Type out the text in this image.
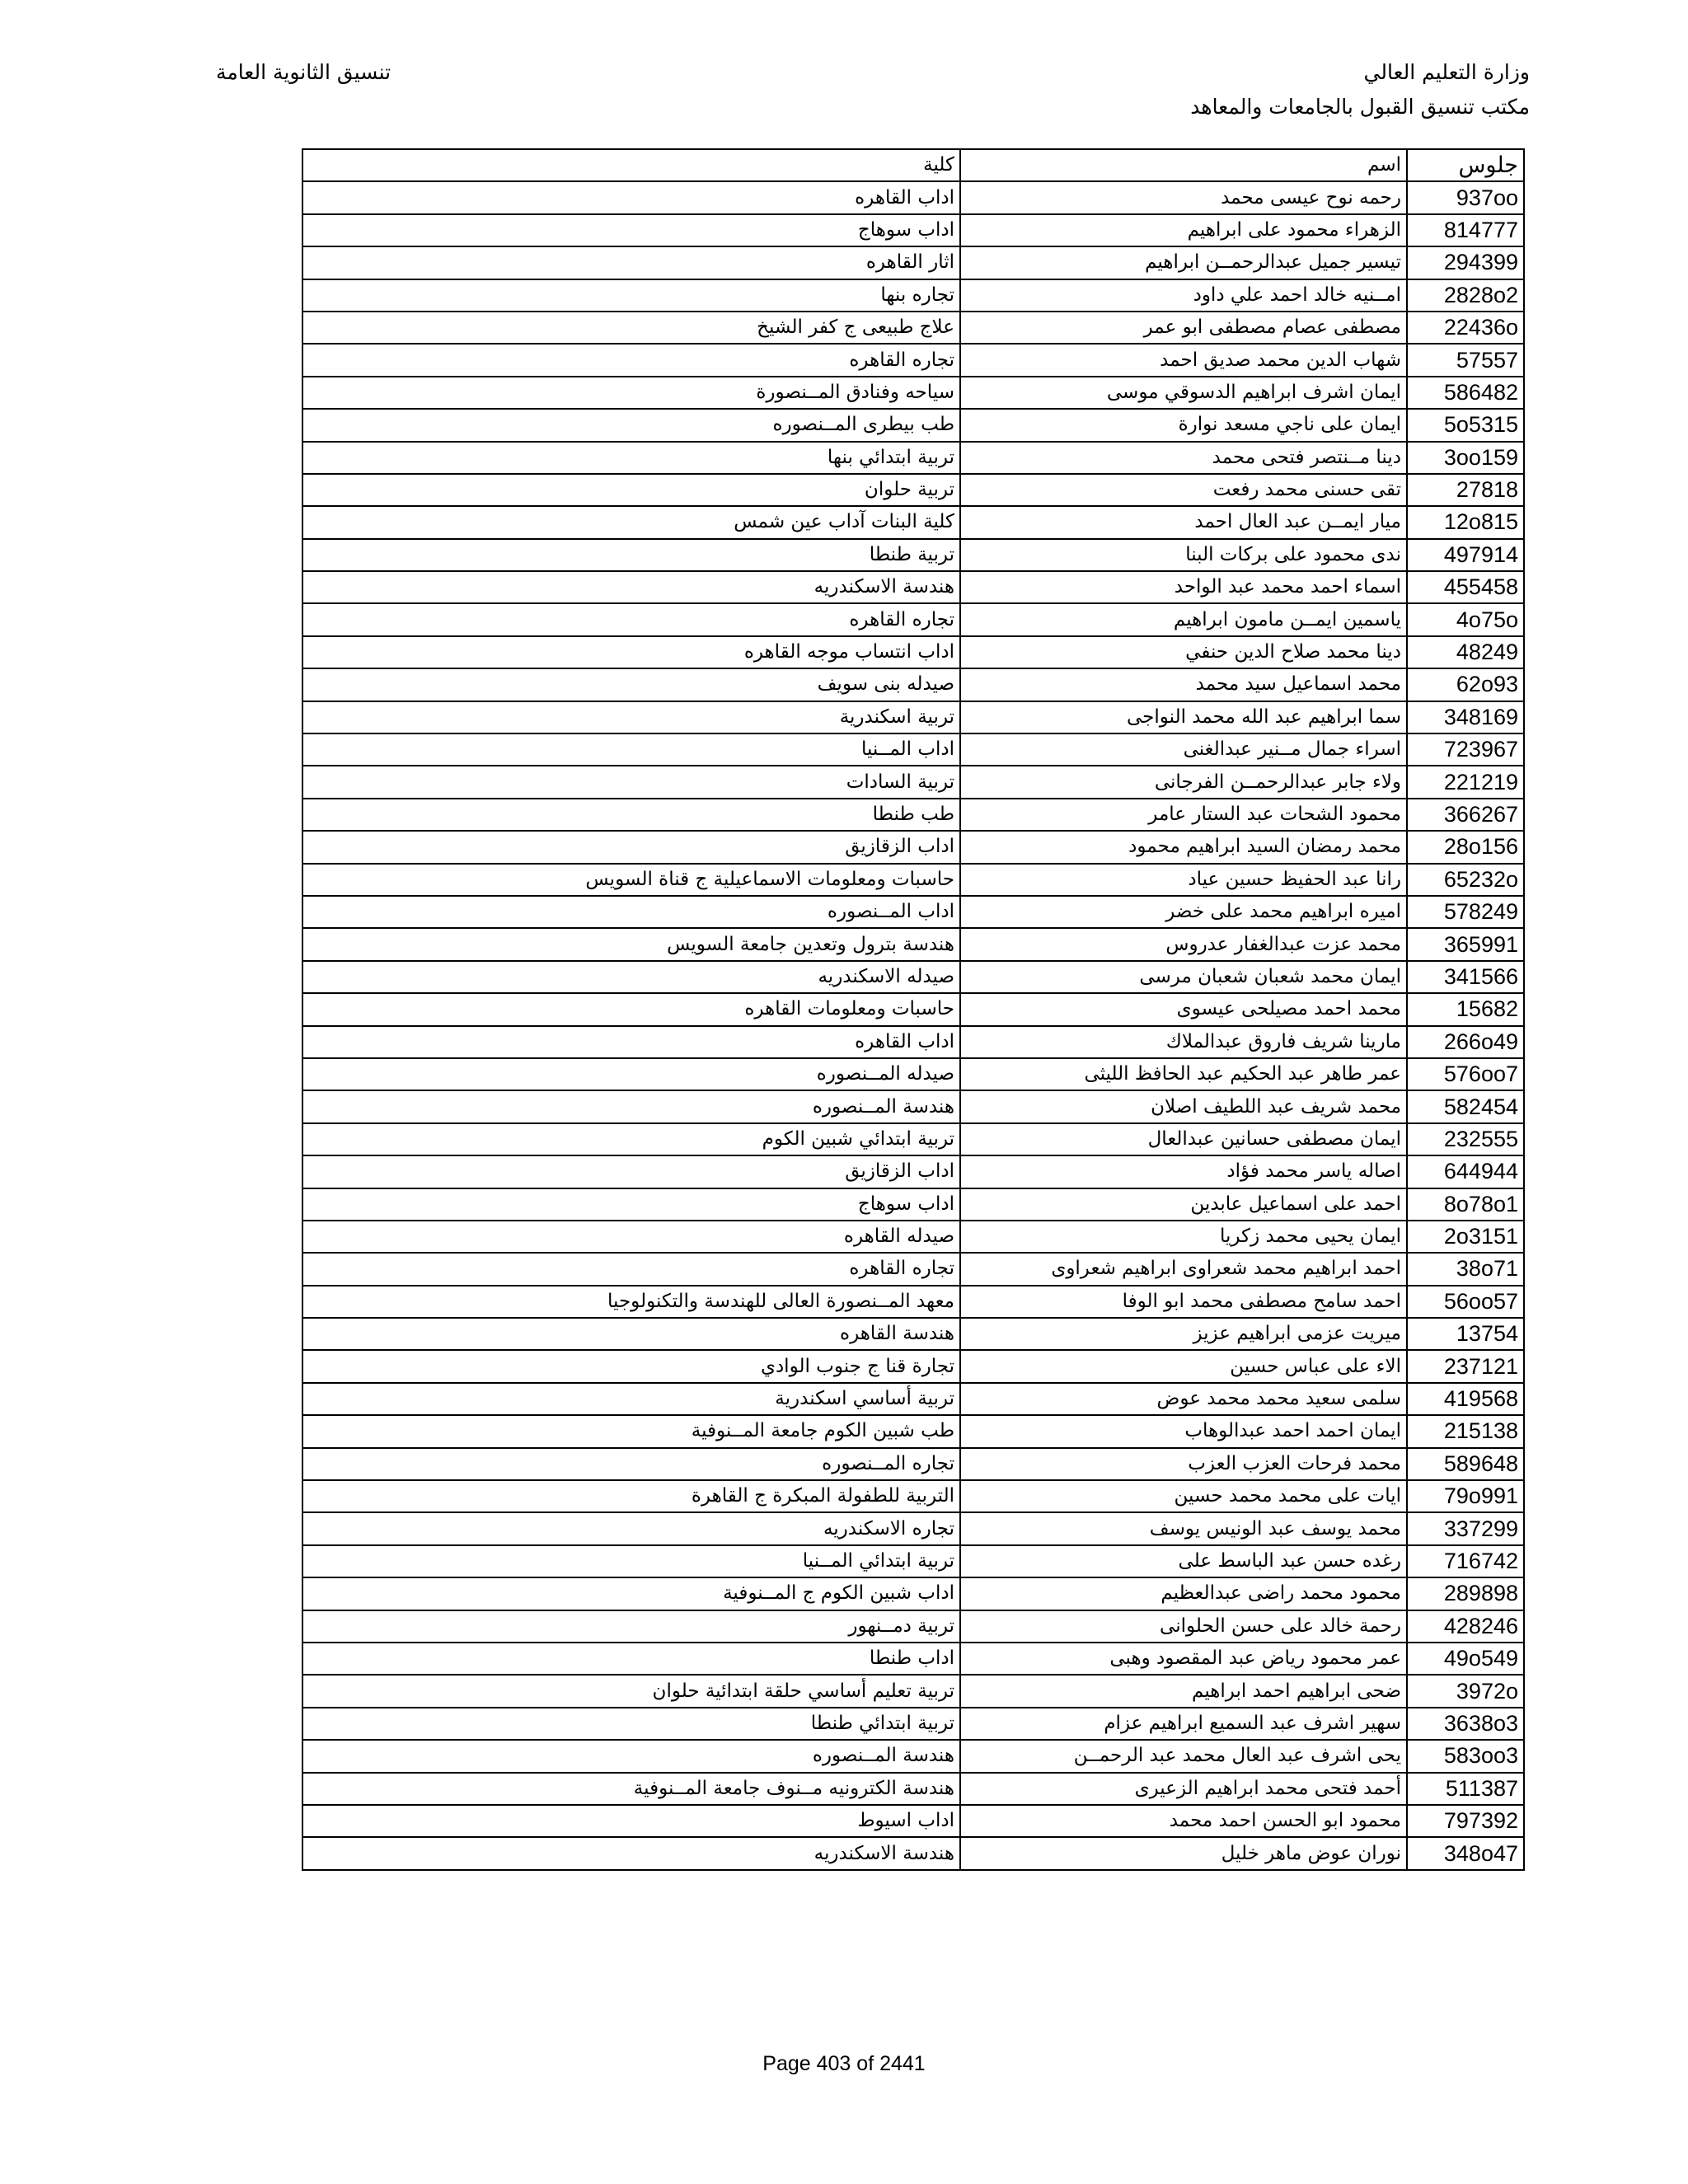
وزارة التعليم العالي
مكتب تنسيق القبول بالجامعات والمعاهد
تنسيق الثانوية العامة
جلوس	اسم	كلية
937oo	رحمه نوح عيسى محمد	اداب القاهره
814777	الزهراء محمود على ابراهيم	اداب سوهاج
294399	تيسير جميل عبدالرحمــن ابراهيم	اثار القاهره
2828o2	امــنيه خالد احمد علي داود	تجاره بنها
22436o	مصطفى عصام مصطفى ابو عمر	علاج طبيعى ج كفر الشيخ
57557	شهاب الدين محمد صديق احمد	تجاره القاهره
586482	ايمان اشرف ابراهيم الدسوقي موسى	سياحه وفنادق المــنصورة
5o5315	ايمان على ناجي مسعد نوارة	طب بيطرى المــنصوره
3oo159	دينا مــنتصر فتحى محمد	تربية ابتدائي بنها
27818	تقى حسنى محمد رفعت	تربية حلوان
12o815	ميار ايمــن عبد العال احمد	كلية البنات آداب عين شمس
497914	ندى محمود على بركات البنا	تربية طنطا
455458	اسماء احمد محمد عبد الواحد	هندسة الاسكندريه
4o75o	ياسمين ايمــن مامون ابراهيم	تجاره القاهره
48249	دينا محمد صلاح الدين حنفي	اداب انتساب موجه القاهره
62o93	محمد اسماعيل سيد محمد	صيدله بنى سويف
348169	سما ابراهيم عبد الله محمد النواجى	تربية اسكندرية
723967	اسراء جمال مــنير عبدالغنى	اداب المــنيا
221219	ولاء جابر عبدالرحمــن الفرجانى	تربية السادات
366267	محمود الشحات عبد الستار عامر	طب طنطا
28o156	محمد رمضان السيد ابراهيم محمود	اداب الزقازيق
65232o	رانا عبد الحفيظ حسين عياد	حاسبات ومعلومات الاسماعيلية ج قناة السويس
578249	اميره ابراهيم محمد على خضر	اداب المــنصوره
365991	محمد عزت عبدالغفار عدروس	هندسة بترول وتعدين جامعة السويس
341566	ايمان محمد شعبان شعبان مرسى	صيدله الاسكندريه
15682	محمد احمد مصيلحى عيسوى	حاسبات ومعلومات القاهره
266o49	مارينا شريف فاروق عبدالملاك	اداب القاهره
576oo7	عمر طاهر عبد الحكيم عبد الحافظ الليثى	صيدله المــنصوره
582454	محمد شريف عبد اللطيف اصلان	هندسة المــنصوره
232555	ايمان مصطفى حسانين عبدالعال	تربية ابتدائي شبين الكوم
644944	اصاله ياسر محمد فؤاد	اداب الزقازيق
8o78o1	احمد على اسماعيل عابدين	اداب سوهاج
2o3151	ايمان يحيى محمد زكريا	صيدله القاهره
38o71	احمد ابراهيم محمد شعراوى ابراهيم شعراوى	تجاره القاهره
56oo57	احمد سامح مصطفى محمد ابو الوفا	معهد المــنصورة العالى للهندسة والتكنولوجيا
13754	ميريت عزمى ابراهيم عزيز	هندسة القاهره
237121	الاء على عباس حسين	تجارة قنا ج جنوب الوادي
419568	سلمى سعيد محمد محمد عوض	تربية أساسي اسكندرية
215138	ايمان احمد احمد عبدالوهاب	طب شبين الكوم جامعة المــنوفية
589648	محمد فرحات العزب العزب	تجاره المــنصوره
79o991	ايات على محمد محمد حسين	التربية للطفولة المبكرة ج القاهرة
337299	محمد يوسف عبد الونيس يوسف	تجاره الاسكندريه
716742	رغده حسن عبد الباسط على	تربية ابتدائي المــنيا
289898	محمود محمد راضى عبدالعظيم	اداب شبين الكوم ج المــنوفية
428246	رحمة خالد على حسن الحلوانى	تربية دمــنهور
49o549	عمر محمود رياض عبد المقصود وهبى	اداب طنطا
3972o	ضحى ابراهيم احمد ابراهيم	تربية تعليم أساسي حلقة ابتدائية حلوان
3638o3	سهير اشرف عبد السميع ابراهيم عزام	تربية ابتدائي طنطا
583oo3	يحى اشرف عبد العال محمد عبد الرحمــن	هندسة المــنصوره
511387	أحمد فتحى محمد ابراهيم الزعيرى	هندسة الكترونيه مــنوف جامعة المــنوفية
797392	محمود ابو الحسن احمد محمد	اداب اسيوط
348o47	نوران عوض ماهر خليل	هندسة الاسكندريه
Page 403 of 2441
